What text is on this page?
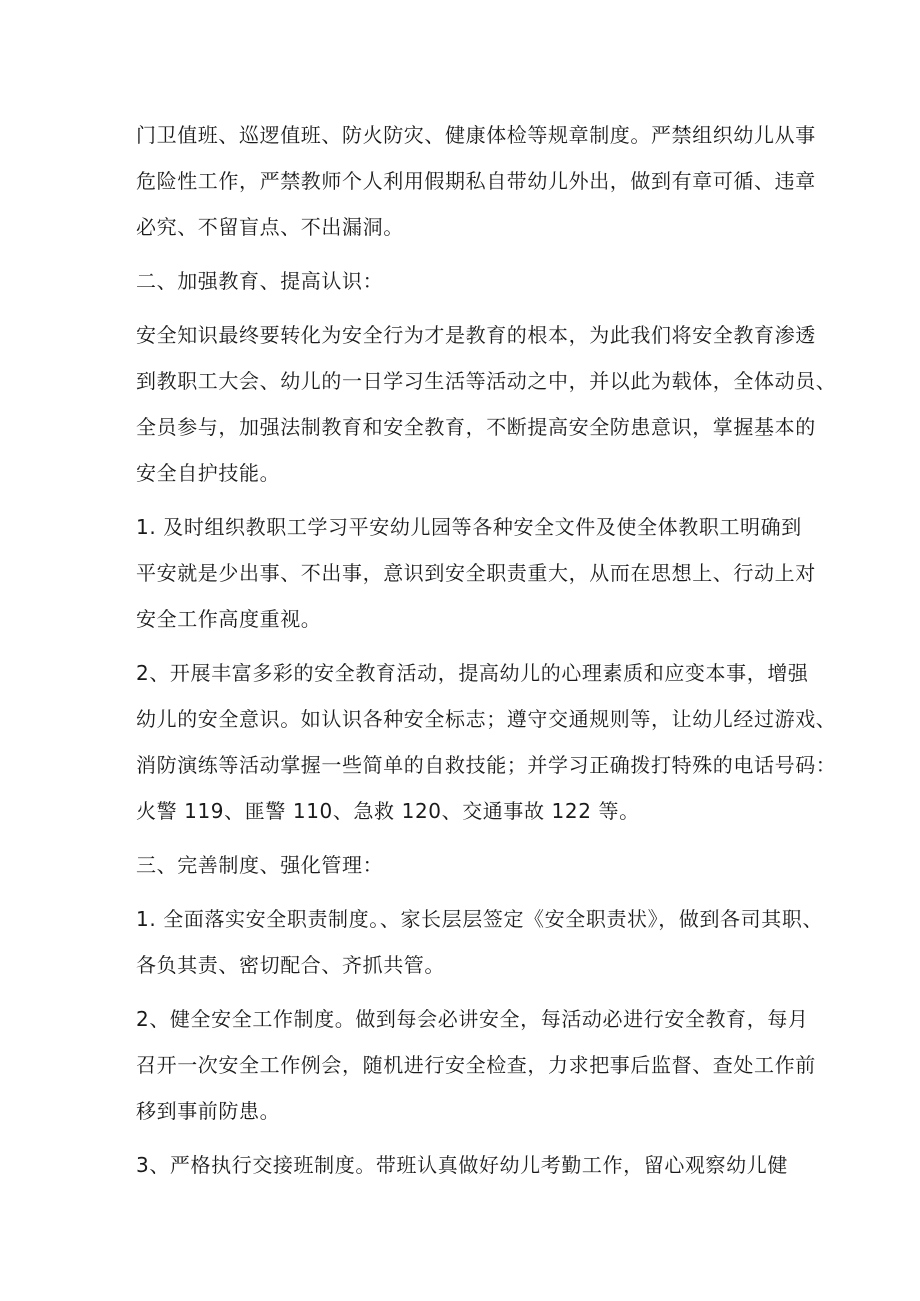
门卫值班、巡逻值班、防火防灾、健康体检等规章制度。严禁组织幼儿从事
危险性工作，严禁教师个人利用假期私自带幼儿外出，做到有章可循、违章
必究、不留盲点、不出漏洞。
二、加强教育、提高认识：
安全知识最终要转化为安全行为才是教育的根本，为此我们将安全教育渗透
到教职工大会、幼儿的一日学习生活等活动之中，并以此为载体，全体动员、
全员参与，加强法制教育和安全教育，不断提高安全防患意识，掌握基本的
安全自护技能。
1. 及时组织教职工学习平安幼儿园等各种安全文件及使全体教职工明确到
平安就是少出事、不出事，意识到安全职责重大，从而在思想上、行动上对
安全工作高度重视。
2、开展丰富多彩的安全教育活动，提高幼儿的心理素质和应变本事，增强
幼儿的安全意识。如认识各种安全标志；遵守交通规则等，让幼儿经过游戏、
消防演练等活动掌握一些简单的自救技能；并学习正确拨打特殊的电话号码：
火警 119、匪警 110、急救 120、交通事故 122 等。
三、完善制度、强化管理：
1. 全面落实安全职责制度。、家长层层签定《安全职责状》，做到各司其职、
各负其责、密切配合、齐抓共管。
2、健全安全工作制度。做到每会必讲安全，每活动必进行安全教育，每月
召开一次安全工作例会，随机进行安全检查，力求把事后监督、查处工作前
移到事前防患。
3、严格执行交接班制度。带班认真做好幼儿考勤工作，留心观察幼儿健
